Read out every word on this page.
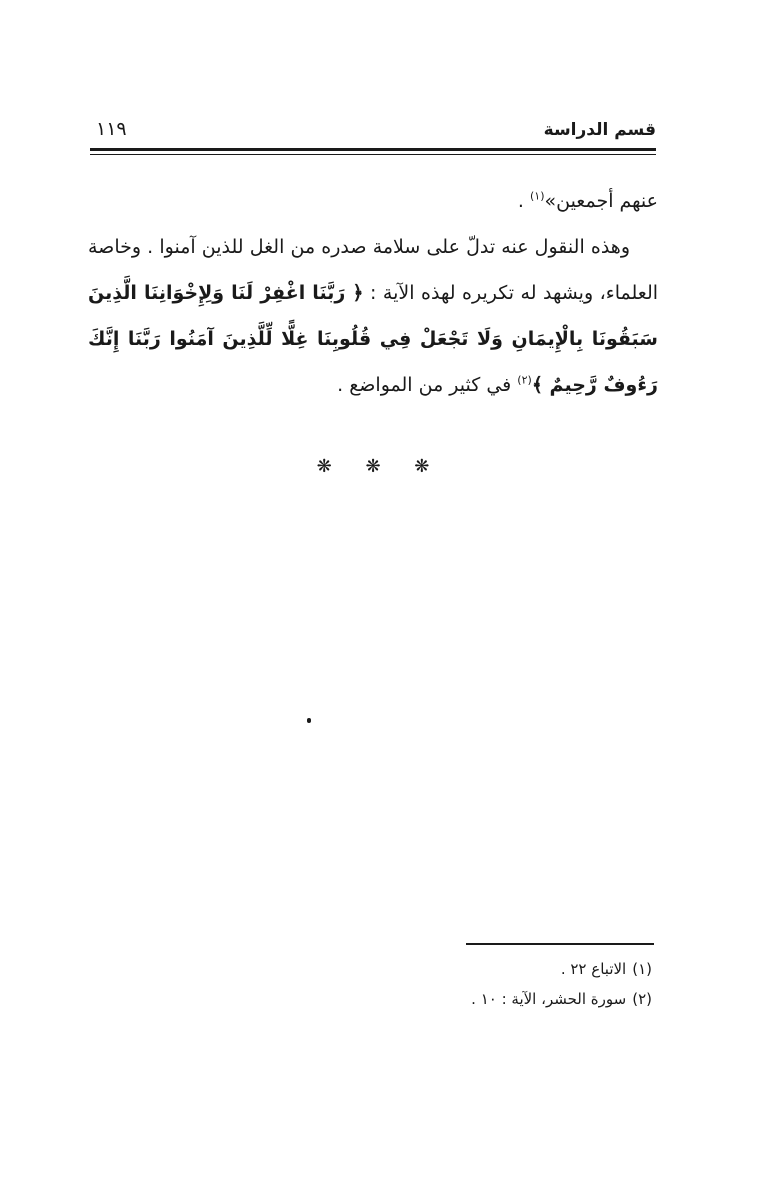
قسم الدراسة
١١٩

عنهم أجمعين»$^{(١)}$ .

وهذه النقول عنه تدلّ على سلامة صدره من الغل للذين آمنوا . وخاصة العلماء، ويشهد له تكريره لهذه الآية : ﴿ رَبَّنَا اغْفِرْ لَنَا وَلِإِخْوَانِنَا الَّذِينَ سَبَقُونَا بِالْإِيمَانِ وَلَا تَجْعَلْ فِي قُلُوبِنَا غِلًّا لِّلَّذِينَ آمَنُوا رَبَّنَا إِنَّكَ رَءُوفٌ رَّحِيمٌ ﴾$^{(٢)}$ في كثير من المواضع .

❋ ❋ ❋
(١)الاتباع ٢٢ .
(٢)سورة الحشر، الآية : ١٠ .
